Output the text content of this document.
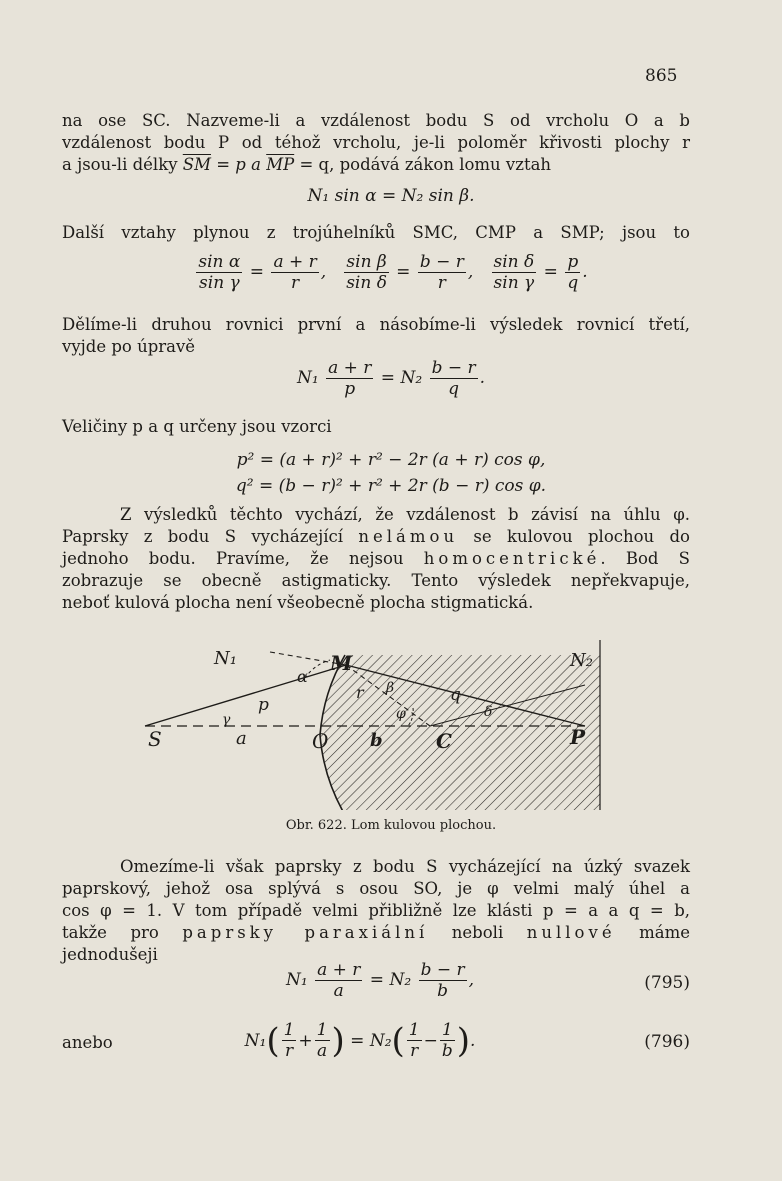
865
na ose SC. Nazveme-li a vzdálenost bodu S od vrcholu O a b
vzdálenost bodu P od téhož vrcholu, je-li poloměr křivosti plochy r
a jsou-li délky $\overline{SM} = p$ a $\overline{MP} = q$, podává zákon lomu vztah
N₁ sin α = N₂ sin β.
Další vztahy plynou z trojúhelníků SMC, CMP a SMP; jsou to
$\frac{\text{sin α}}{\text{sin γ}} = \frac{a + r}{r}$ , $\frac{\text{sin β}}{\text{sin δ}} = \frac{b - r}{r}$ , $\frac{\text{sin δ}}{\text{sin γ}} = \frac{p}{q}$ .
Dělíme-li druhou rovnici první a násobíme-li výsledek rovnicí třetí,
vyjde po úpravě
$N_1 \frac{a + r}{p} = N_2 \frac{b - r}{q}$ .
Veličiny p a q určeny jsou vzorci
p² = (a + r)² + r² − 2r (a + r) cos φ,
q² = (b − r)² + r² + 2r (b − r) cos φ.
Z výsledků těchto vychází, že vzdálenost b závisí na úhlu φ.
Paprsky z bodu S vycházející nelámou se kulovou plochou do
jednoho bodu. Pravíme, že nejsou homocentrické. Bod S
zobrazuje se obecně astigmaticky. Tento výsledek nepřekvapuje,
neboť kulová plocha není všeobecně plocha stigmatická.
N₁	N₂
M
α
p
r β	q
δ
φ
γ
S	a	O b	C	P
Obr. 622. Lom kulovou plochou.
Omezíme-li však paprsky z bodu S vycházející na úzký svazek
paprskový, jehož osa splývá s osou SO, je φ velmi malý úhel a
cos φ = 1. V tom případě velmi přibližně lze klásti p = a a q = b,
takže pro paprsky paraxiální neboli nullové máme
jednodušeji
$N_1 \frac{a + r}{a} = N_2 \frac{b - r}{b}$ ,	(795)
anebo	N₁ ( $\frac{1}{r} + \frac{1}{a}$ ) = N₂ ( $\frac{1}{r} - \frac{1}{b}$ ) .	(796)
